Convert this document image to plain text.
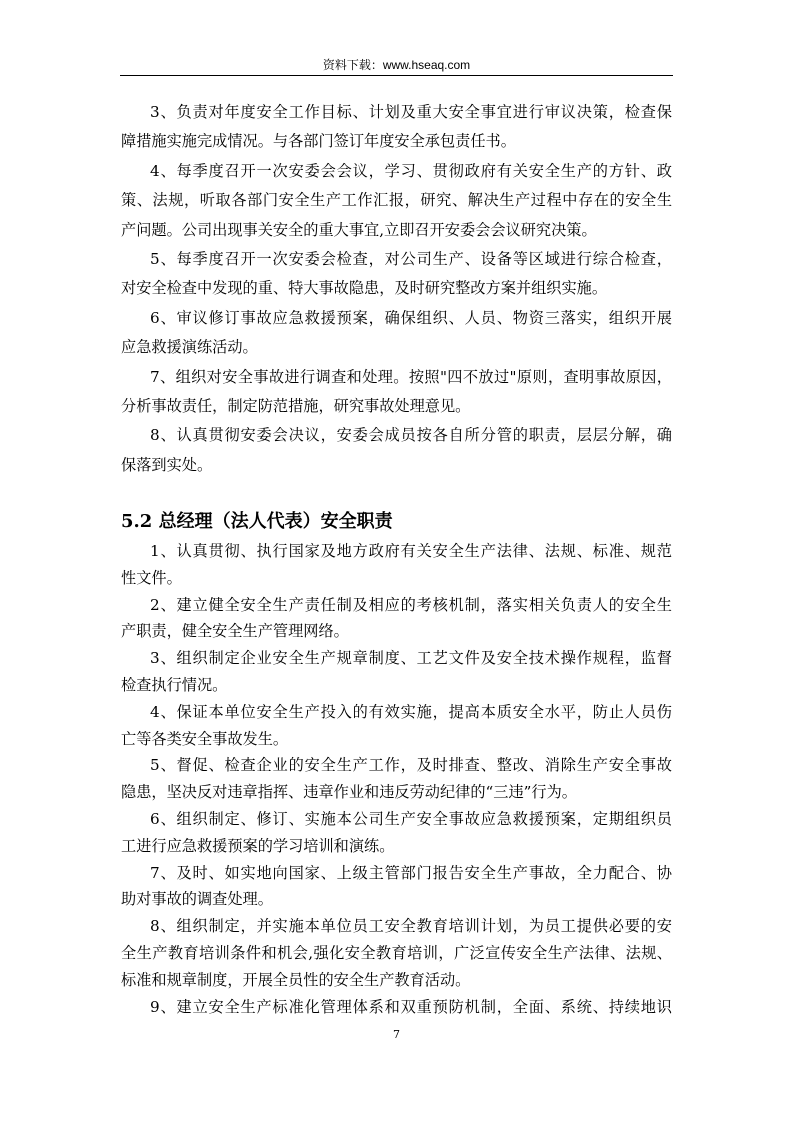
资料下载：www.hseaq.com
3、负责对年度安全工作目标、计划及重大安全事宜进行审议决策，检查保
障措施实施完成情况。与各部门签订年度安全承包责任书。
4、每季度召开一次安委会会议，学习、贯彻政府有关安全生产的方针、政
策、法规，听取各部门安全生产工作汇报，研究、解决生产过程中存在的安全生
产问题。公司出现事关安全的重大事宜,立即召开安委会会议研究决策。
5、每季度召开一次安委会检查，对公司生产、设备等区域进行综合检查，
对安全检查中发现的重、特大事故隐患，及时研究整改方案并组织实施。
6、审议修订事故应急救援预案，确保组织、人员、物资三落实，组织开展
应急救援演练活动。
7、组织对安全事故进行调查和处理。按照"四不放过"原则，查明事故原因，
分析事故责任，制定防范措施，研究事故处理意见。
8、认真贯彻安委会决议，安委会成员按各自所分管的职责，层层分解，确
保落到实处。
5.2 总经理（法人代表）安全职责
1、认真贯彻、执行国家及地方政府有关安全生产法律、法规、标准、规范
性文件。
2、建立健全安全生产责任制及相应的考核机制，落实相关负责人的安全生
产职责，健全安全生产管理网络。
3、组织制定企业安全生产规章制度、工艺文件及安全技术操作规程，监督
检查执行情况。
4、保证本单位安全生产投入的有效实施，提高本质安全水平，防止人员伤
亡等各类安全事故发生。
5、督促、检查企业的安全生产工作，及时排查、整改、消除生产安全事故
隐患，坚决反对违章指挥、违章作业和违反劳动纪律的“三违”行为。
6、组织制定、修订、实施本公司生产安全事故应急救援预案，定期组织员
工进行应急救援预案的学习培训和演练。
7、及时、如实地向国家、上级主管部门报告安全生产事故，全力配合、协
助对事故的调查处理。
8、组织制定，并实施本单位员工安全教育培训计划，为员工提供必要的安
全生产教育培训条件和机会,强化安全教育培训，广泛宣传安全生产法律、法规、
标准和规章制度，开展全员性的安全生产教育活动。
9、建立安全生产标准化管理体系和双重预防机制，全面、系统、持续地识
7
